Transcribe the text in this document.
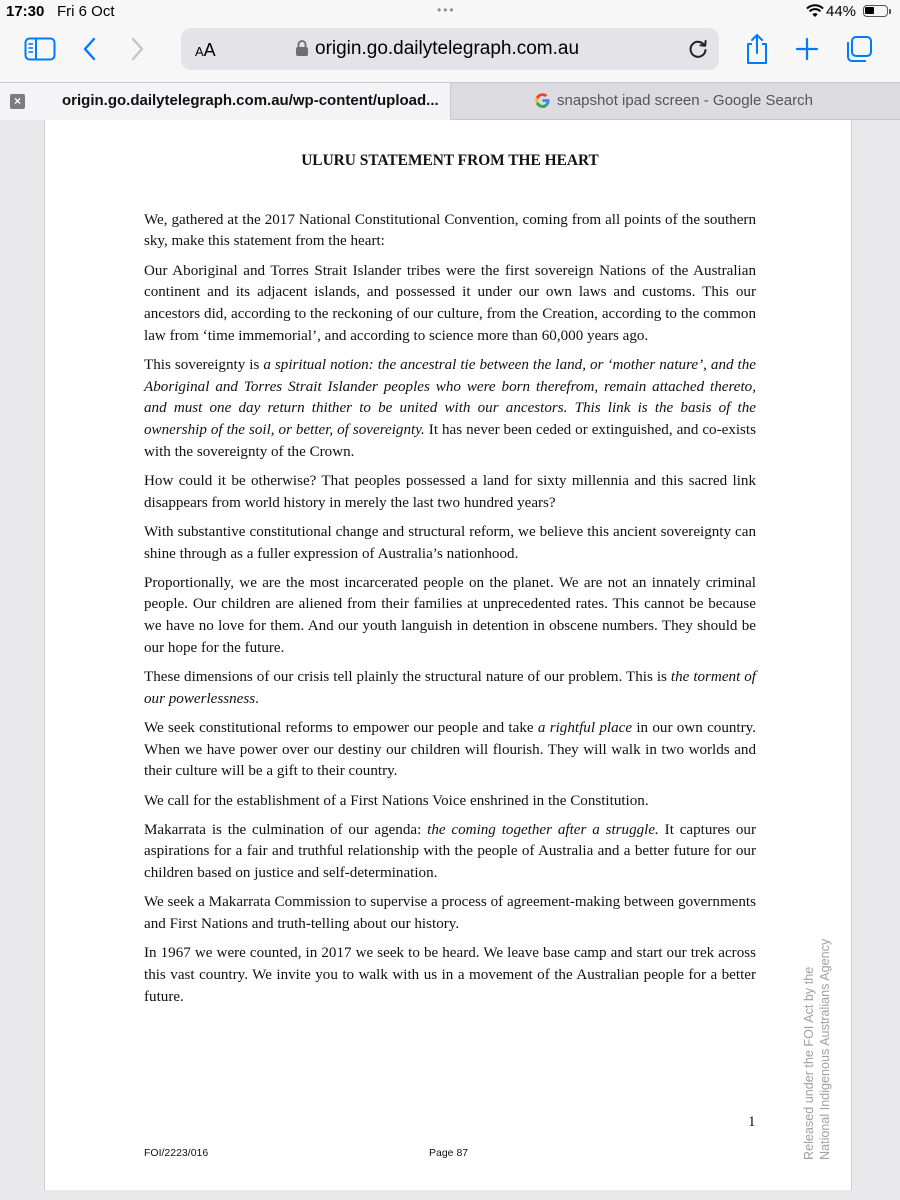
17:30 Fri 6 Oct	•••	44%
AA	origin.go.dailytelegraph.com.au
×	origin.go.dailytelegraph.com.au/wp-content/upload...	snapshot ipad screen - Google Search
ULURU STATEMENT FROM THE HEART

We, gathered at the 2017 National Constitutional Convention, coming from all points of the southern sky, make this statement from the heart:

Our Aboriginal and Torres Strait Islander tribes were the first sovereign Nations of the Australian continent and its adjacent islands, and possessed it under our own laws and customs. This our ancestors did, according to the reckoning of our culture, from the Creation, according to the common law from ‘time immemorial’, and according to science more than 60,000 years ago.

This sovereignty is a spiritual notion: the ancestral tie between the land, or ‘mother nature’, and the Aboriginal and Torres Strait Islander peoples who were born therefrom, remain attached thereto, and must one day return thither to be united with our ancestors. This link is the basis of the ownership of the soil, or better, of sovereignty. It has never been ceded or extinguished, and co-exists with the sovereignty of the Crown.

How could it be otherwise? That peoples possessed a land for sixty millennia and this sacred link disappears from world history in merely the last two hundred years?

With substantive constitutional change and structural reform, we believe this ancient sovereignty can shine through as a fuller expression of Australia’s nationhood.

Proportionally, we are the most incarcerated people on the planet. We are not an innately criminal people. Our children are aliened from their families at unprecedented rates. This cannot be because we have no love for them. And our youth languish in detention in obscene numbers. They should be our hope for the future.

These dimensions of our crisis tell plainly the structural nature of our problem. This is the torment of our powerlessness.

We seek constitutional reforms to empower our people and take a rightful place in our own country. When we have power over our destiny our children will flourish. They will walk in two worlds and their culture will be a gift to their country.

We call for the establishment of a First Nations Voice enshrined in the Constitution.

Makarrata is the culmination of our agenda: the coming together after a struggle. It captures our aspirations for a fair and truthful relationship with the people of Australia and a better future for our children based on justice and self-determination.

We seek a Makarrata Commission to supervise a process of agreement-making between governments and First Nations and truth-telling about our history.

In 1967 we were counted, in 2017 we seek to be heard. We leave base camp and start our trek across this vast country. We invite you to walk with us in a movement of the Australian people for a better future.

1
FOI/2223/016	Page 87	Released under the FOI Act by the National Indigenous Australians Agency
